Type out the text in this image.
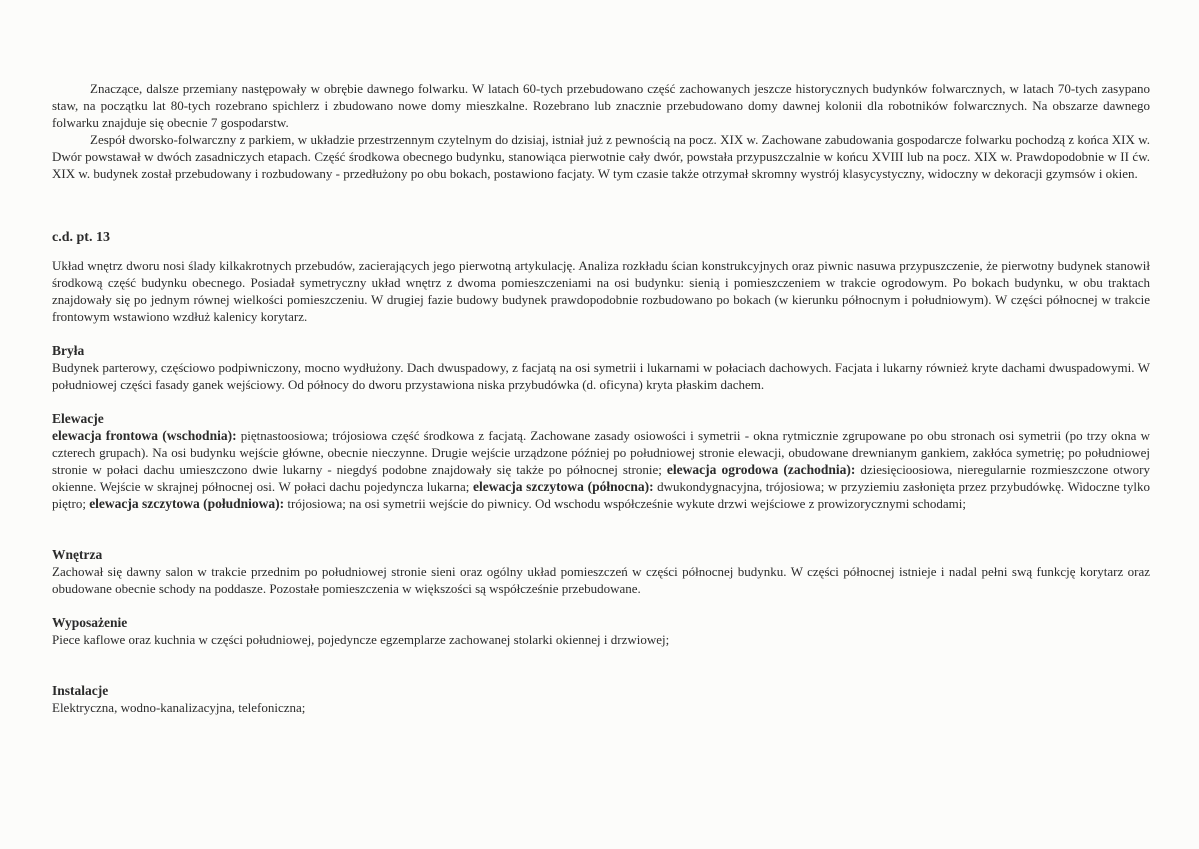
Znaczące, dalsze przemiany następowały w obrębie dawnego folwarku. W latach 60-tych przebudowano część zachowanych jeszcze historycznych budynków folwarcznych, w latach 70-tych zasypano staw, na początku lat 80-tych rozebrano spichlerz i zbudowano nowe domy mieszkalne. Rozebrano lub znacznie przebudowano domy dawnej kolonii dla robotników folwarcznych. Na obszarze dawnego folwarku znajduje się obecnie 7 gospodarstw.

Zespół dworsko-folwarczny z parkiem, w układzie przestrzennym czytelnym do dzisiaj, istniał już z pewnością na pocz. XIX w. Zachowane zabudowania gospodarcze folwarku pochodzą z końca XIX w. Dwór powstawał w dwóch zasadniczych etapach. Część środkowa obecnego budynku, stanowiąca pierwotnie cały dwór, powstała przypuszczalnie w końcu XVIII lub na pocz. XIX w. Prawdopodobnie w II ćw. XIX w. budynek został przebudowany i rozbudowany - przedłużony po obu bokach, postawiono facjaty. W tym czasie także otrzymał skromny wystrój klasycystyczny, widoczny w dekoracji gzymsów i okien.

c.d. pt. 13

Układ wnętrz dworu nosi ślady kilkakrotnych przebudów, zacierających jego pierwotną artykulację. Analiza rozkładu ścian konstrukcyjnych oraz piwnic nasuwa przypuszczenie, że pierwotny budynek stanowił środkową część budynku obecnego. Posiadał symetryczny układ wnętrz z dwoma pomieszczeniami na osi budynku: sienią i pomieszczeniem w trakcie ogrodowym. Po bokach budynku, w obu traktach znajdowały się po jednym równej wielkości pomieszczeniu. W drugiej fazie budowy budynek prawdopodobnie rozbudowano po bokach (w kierunku północnym i południowym). W części północnej w trakcie frontowym wstawiono wzdłuż kalenicy korytarz.

Bryła

Budynek parterowy, częściowo podpiwniczony, mocno wydłużony. Dach dwuspadowy, z facjatą na osi symetrii i lukarnami w połaciach dachowych. Facjata i lukarny również kryte dachami dwuspadowymi. W południowej części fasady ganek wejściowy. Od północy do dworu przystawiona niska przybudówka (d. oficyna) kryta płaskim dachem.

Elewacje

elewacja frontowa (wschodnia): piętnastoosiowa; trójosiowa część środkowa z facjatą. Zachowane zasady osiowości i symetrii - okna rytmicznie zgrupowane po obu stronach osi symetrii (po trzy okna w czterech grupach). Na osi budynku wejście główne, obecnie nieczynne. Drugie wejście urządzone później po południowej stronie elewacji, obudowane drewnianym gankiem, zakłóca symetrię; po południowej stronie w połaci dachu umieszczono dwie lukarny - niegdyś podobne znajdowały się także po północnej stronie; elewacja ogrodowa (zachodnia): dziesięcioosiowa, nieregularnie rozmieszczone otwory okienne. Wejście w skrajnej północnej osi. W połaci dachu pojedyncza lukarna; elewacja szczytowa (północna): dwukondygnacyjna, trójosiowa; w przyziemiu zasłonięta przez przybudówkę. Widoczne tylko piętro; elewacja szczytowa (południowa): trójosiowa; na osi symetrii wejście do piwnicy. Od wschodu współcześnie wykute drzwi wejściowe z prowizorycznymi schodami;

Wnętrza

Zachował się dawny salon w trakcie przednim po południowej stronie sieni oraz ogólny układ pomieszczeń w części północnej budynku. W części północnej istnieje i nadal pełni swą funkcję korytarz oraz obudowane obecnie schody na poddasze. Pozostałe pomieszczenia w większości są współcześnie przebudowane.

Wyposażenie

Piece kaflowe oraz kuchnia w części południowej, pojedyncze egzemplarze zachowanej stolarki okiennej i drzwiowej;

Instalacje

Elektryczna, wodno-kanalizacyjna, telefoniczna;
